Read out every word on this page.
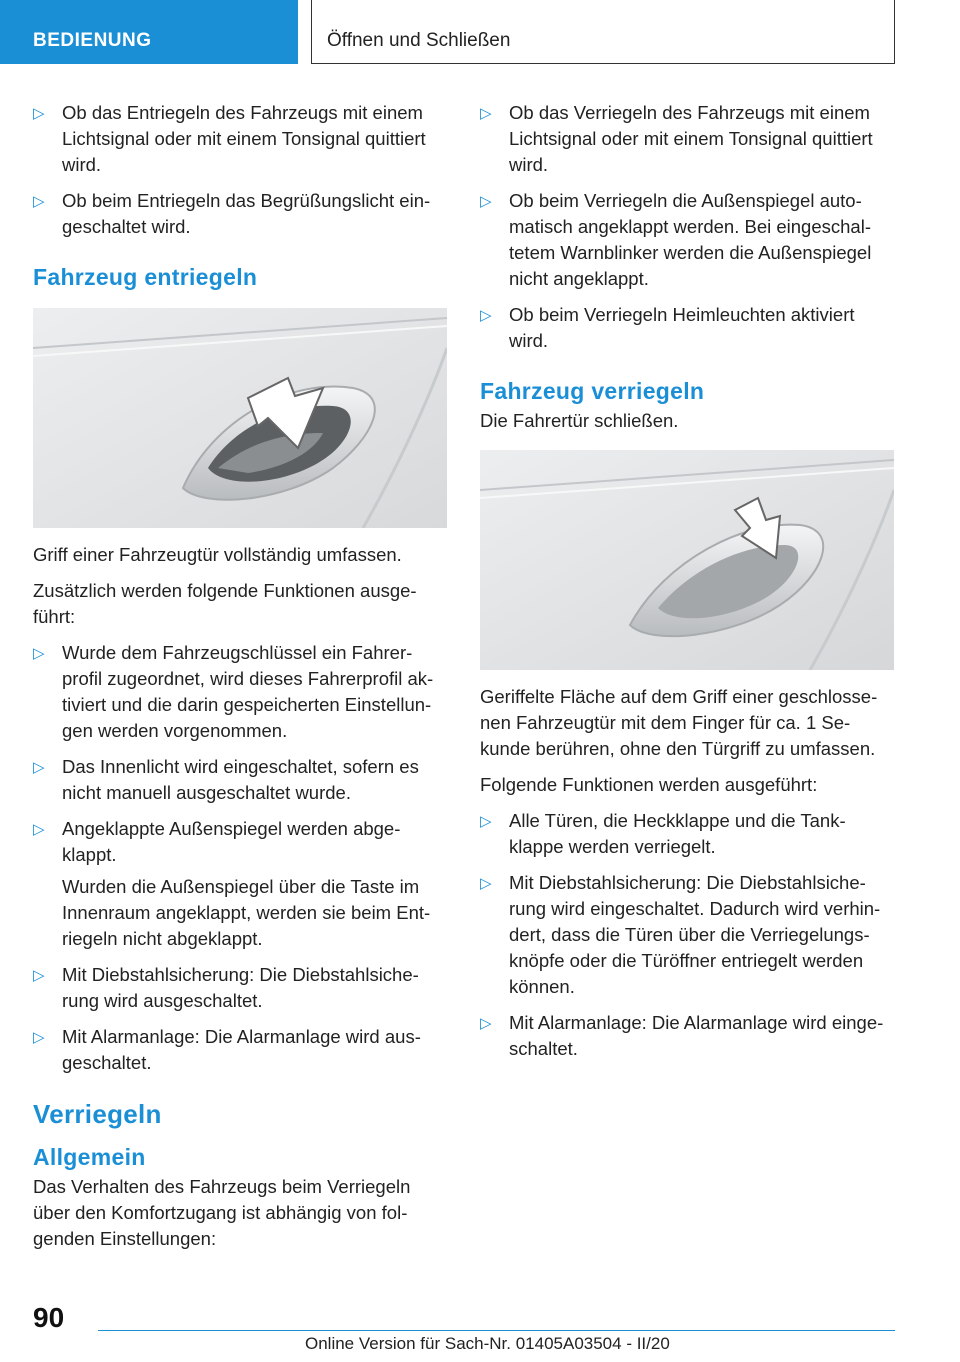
BEDIENUNG	Öffnen und Schließen
▷ Ob das Entriegeln des Fahrzeugs mit einem Lichtsignal oder mit einem Tonsignal quittiert wird.
▷ Ob beim Entriegeln das Begrüßungslicht ein-geschaltet wird.
Fahrzeug entriegeln

Griff einer Fahrzeugtür vollständig umfassen.

Zusätzlich werden folgende Funktionen ausge-führt:

▷ Wurde dem Fahrzeugschlüssel ein Fahrer-profil zugeordnet, wird dieses Fahrerprofil ak-tiviert und die darin gespeicherten Einstellun-gen werden vorgenommen.
▷ Das Innenlicht wird eingeschaltet, sofern es nicht manuell ausgeschaltet wurde.
▷ Angeklappte Außenspiegel werden abge-klappt.
Wurden die Außenspiegel über die Taste im Innenraum angeklappt, werden sie beim Ent-riegeln nicht abgeklappt.
▷ Mit Diebstahlsicherung: Die Diebstahlsiche-rung wird ausgeschaltet.
▷ Mit Alarmanlage: Die Alarmanlage wird aus-geschaltet.
Verriegeln
Allgemein

Das Verhalten des Fahrzeugs beim Verriegeln über den Komfortzugang ist abhängig von fol-genden Einstellungen:

▷ Ob das Verriegeln des Fahrzeugs mit einem Lichtsignal oder mit einem Tonsignal quittiert wird.
▷ Ob beim Verriegeln die Außenspiegel auto-matisch angeklappt werden. Bei eingeschal-tetem Warnblinker werden die Außenspiegel nicht angeklappt.
▷ Ob beim Verriegeln Heimleuchten aktiviert wird.
Fahrzeug verriegeln

Die Fahrertür schließen.

Geriffelte Fläche auf dem Griff einer geschlosse-nen Fahrzeugtür mit dem Finger für ca. 1 Se-kunde berühren, ohne den Türgriff zu umfassen.

Folgende Funktionen werden ausgeführt:

▷ Alle Türen, die Heckklappe und die Tank-klappe werden verriegelt.
▷ Mit Diebstahlsicherung: Die Diebstahlsiche-rung wird eingeschaltet. Dadurch wird verhin-dert, dass die Türen über die Verriegelungs-knöpfe oder die Türöffner entriegelt werden können.
▷ Mit Alarmanlage: Die Alarmanlage wird einge-schaltet.
90
Online Version für Sach-Nr. 01405A03504 - II/20
